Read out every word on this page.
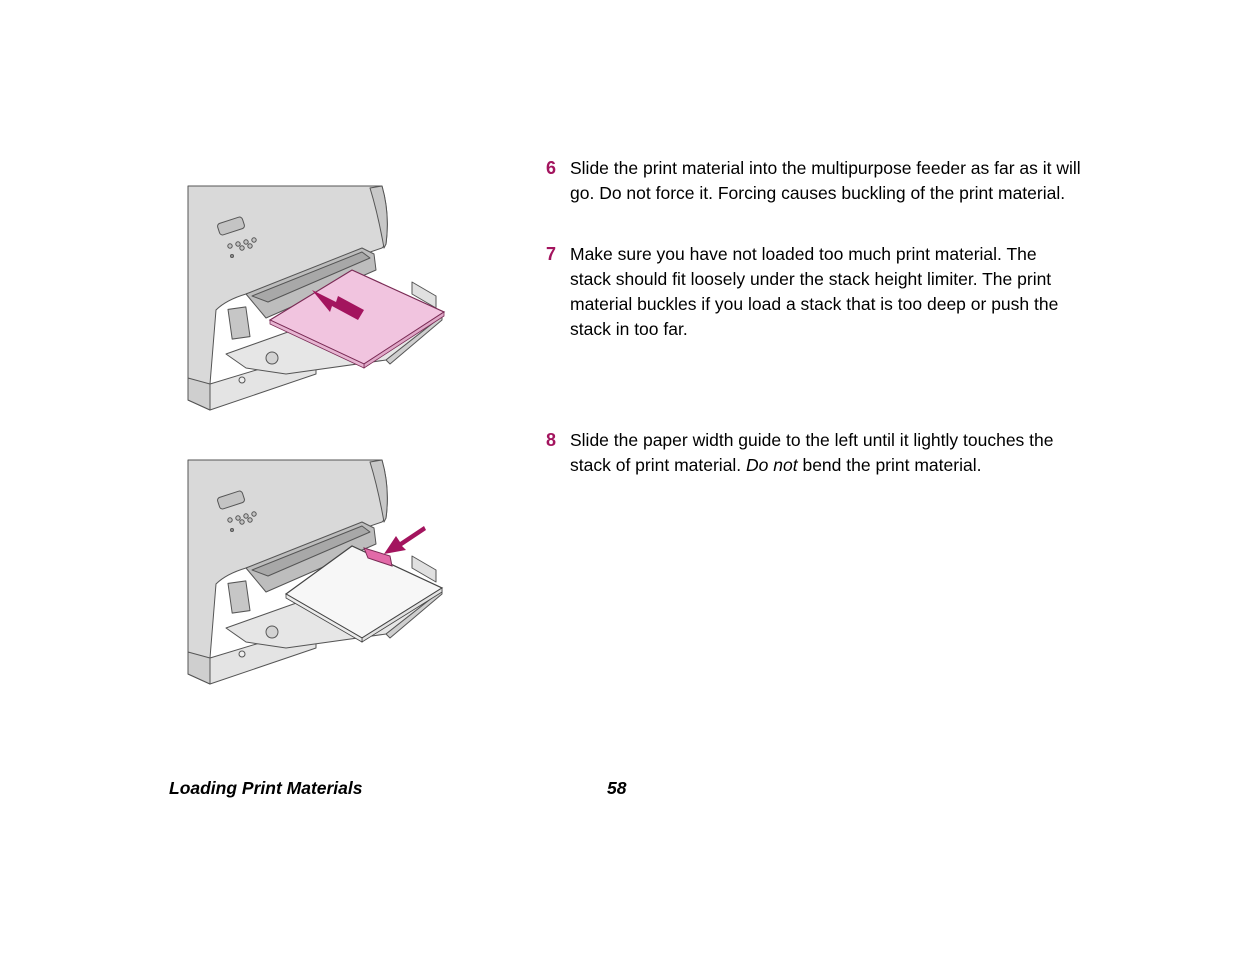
6 Slide the print material into the multipurpose feeder as far as it will go. Do not force it. Forcing causes buckling of the print material.
7 Make sure you have not loaded too much print material. The stack should fit loosely under the stack height limiter. The print material buckles if you load a stack that is too deep or push the stack in too far.
8 Slide the paper width guide to the left until it lightly touches the stack of print material. Do not bend the print material.
Loading Print Materials	58
